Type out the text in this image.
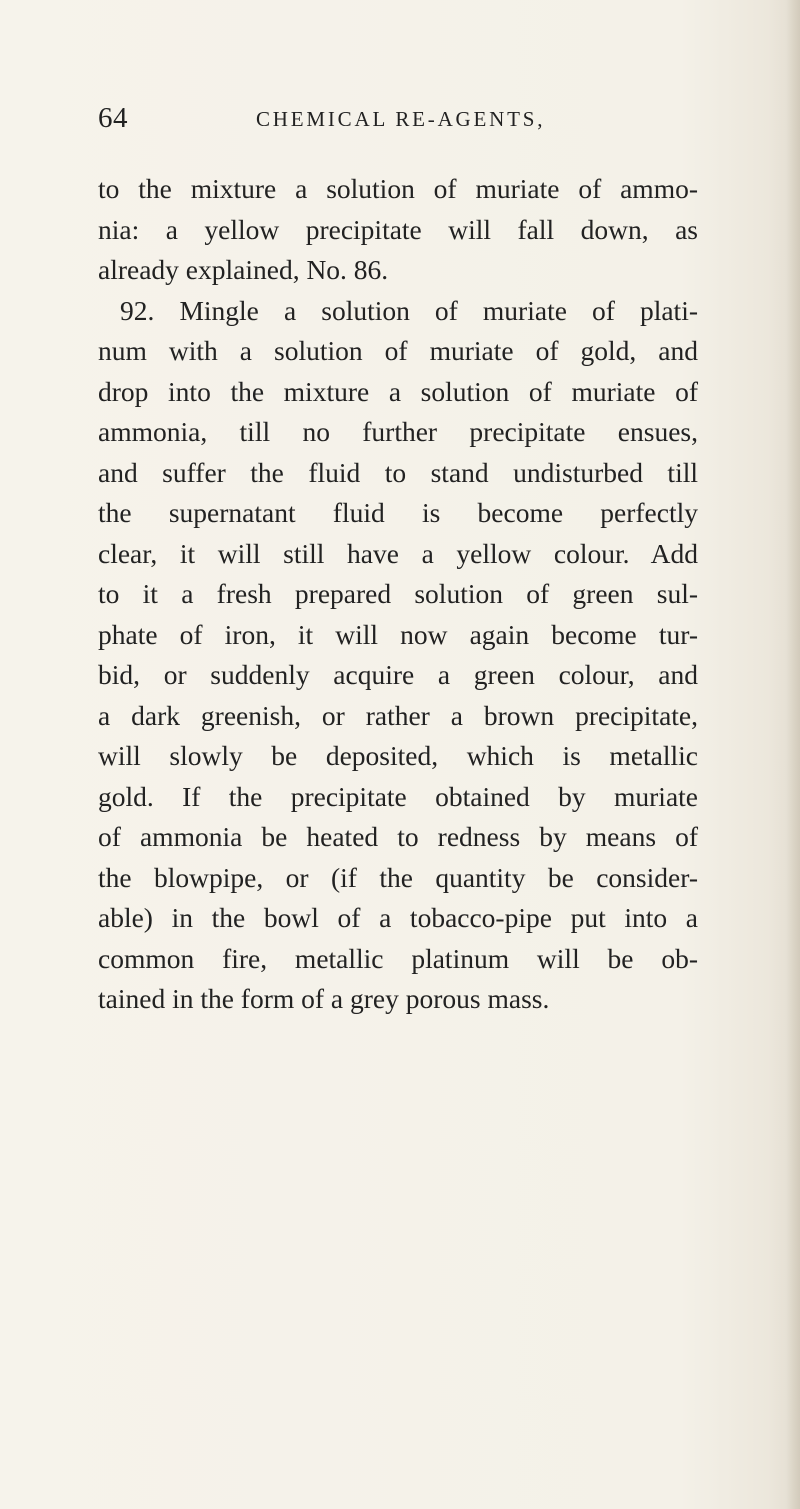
64	CHEMICAL RE-AGENTS,
to the mixture a solution of muriate of ammo-
nia: a yellow precipitate will fall down, as
already explained, No. 86.
92. Mingle a solution of muriate of plati-
num with a solution of muriate of gold, and
drop into the mixture a solution of muriate of
ammonia, till no further precipitate ensues,
and suffer the fluid to stand undisturbed till
the supernatant fluid is become perfectly
clear, it will still have a yellow colour. Add
to it a fresh prepared solution of green sul-
phate of iron, it will now again become tur-
bid, or suddenly acquire a green colour, and
a dark greenish, or rather a brown precipitate,
will slowly be deposited, which is metallic
gold. If the precipitate obtained by muriate
of ammonia be heated to redness by means of
the blowpipe, or (if the quantity be consider-
able) in the bowl of a tobacco-pipe put into a
common fire, metallic platinum will be ob-
tained in the form of a grey porous mass.
